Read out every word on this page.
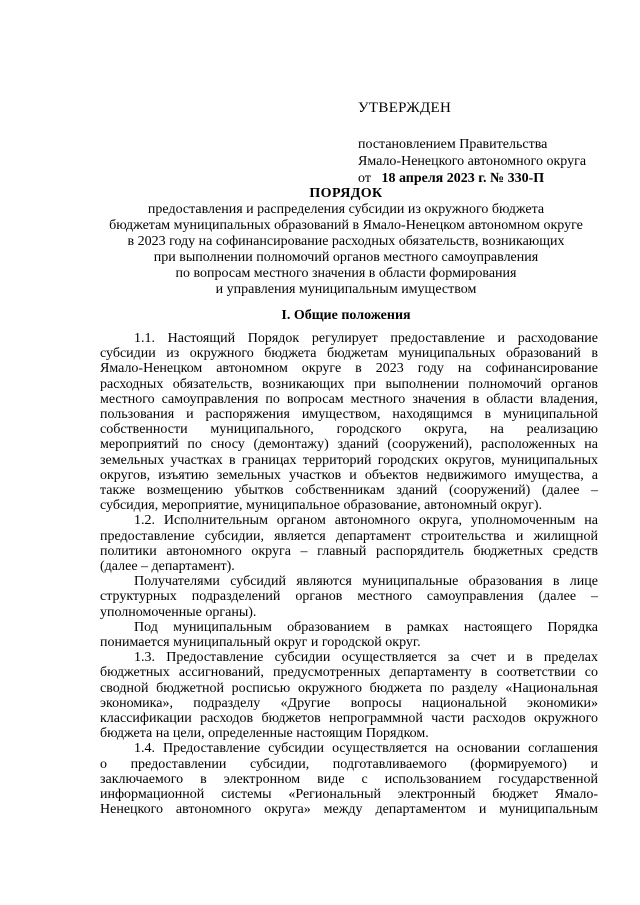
УТВЕРЖДЕН
постановлением Правительства
Ямало-Ненецкого автономного округа
от 18 апреля 2023 г. № 330-П
ПОРЯДОК
предоставления и распределения субсидии из окружного бюджета
бюджетам муниципальных образований в Ямало-Ненецком автономном округе
в 2023 году на софинансирование расходных обязательств, возникающих
при выполнении полномочий органов местного самоуправления
по вопросам местного значения в области формирования
и управления муниципальным имуществом
I. Общие положения
1.1. Настоящий Порядок регулирует предоставление и расходование
субсидии из окружного бюджета бюджетам муниципальных образований в
Ямало-Ненецком автономном округе в 2023 году на софинансирование
расходных обязательств, возникающих при выполнении полномочий органов
местного самоуправления по вопросам местного значения в области владения,
пользования и распоряжения имуществом, находящимся в муниципальной
собственности муниципального, городского округа, на реализацию
мероприятий по сносу (демонтажу) зданий (сооружений), расположенных на
земельных участках в границах территорий городских округов, муниципальных
округов, изъятию земельных участков и объектов недвижимого имущества, а
также возмещению убытков собственникам зданий (сооружений) (далее –
субсидия, мероприятие, муниципальное образование, автономный округ).
1.2. Исполнительным органом автономного округа, уполномоченным на
предоставление субсидии, является департамент строительства и жилищной
политики автономного округа – главный распорядитель бюджетных средств
(далее – департамент).
Получателями субсидий являются муниципальные образования в лице
структурных подразделений органов местного самоуправления (далее –
уполномоченные органы).
Под муниципальным образованием в рамках настоящего Порядка
понимается муниципальный округ и городской округ.
1.3. Предоставление субсидии осуществляется за счет и в пределах
бюджетных ассигнований, предусмотренных департаменту в соответствии со
сводной бюджетной росписью окружного бюджета по разделу «Национальная
экономика», подразделу «Другие вопросы национальной экономики»
классификации расходов бюджетов непрограммной части расходов окружного
бюджета на цели, определенные настоящим Порядком.
1.4. Предоставление субсидии осуществляется на основании соглашения
о предоставлении субсидии, подготавливаемого (формируемого) и
заключаемого в электронном виде с использованием государственной
информационной системы «Региональный электронный бюджет Ямало-
Ненецкого автономного округа» между департаментом и муниципальным
